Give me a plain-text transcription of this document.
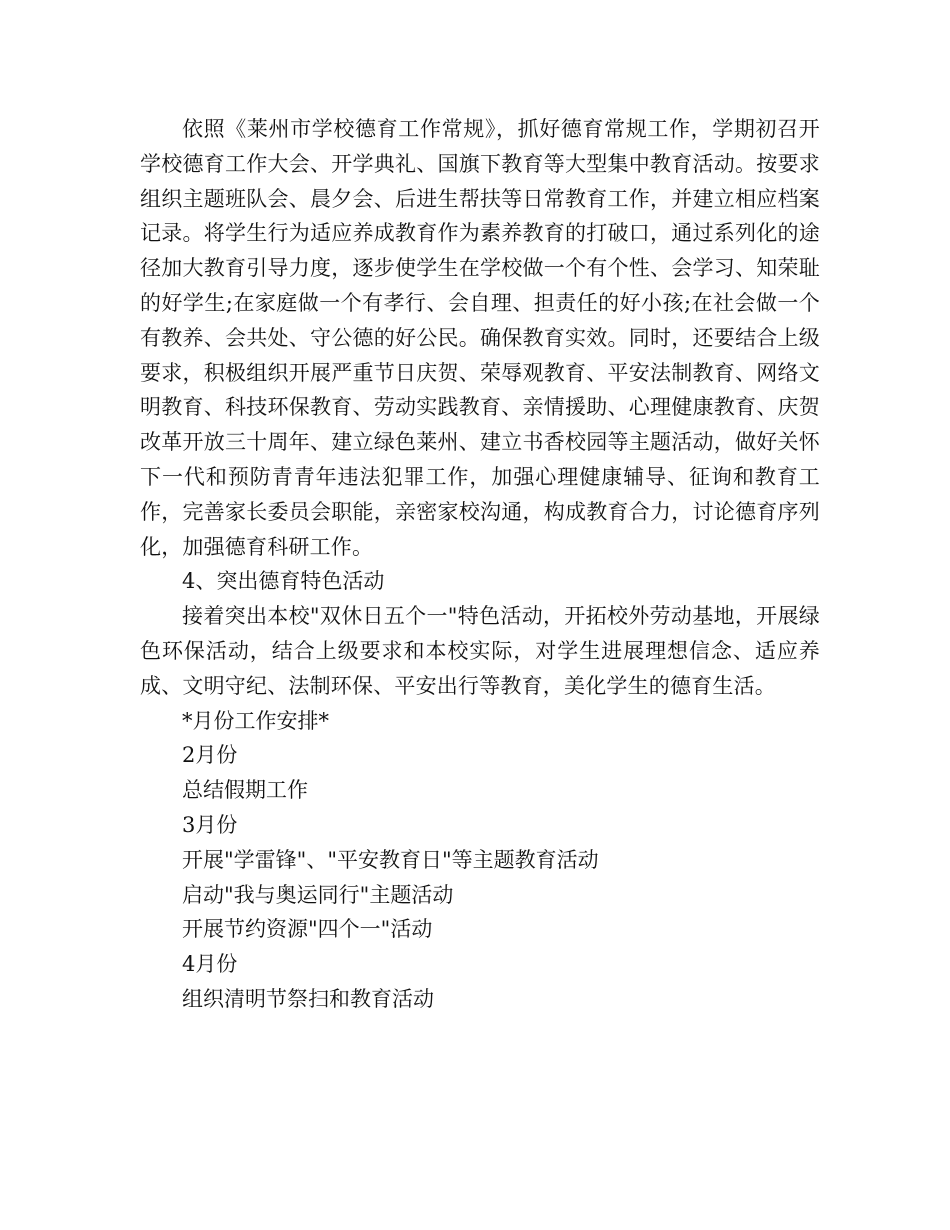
依照《莱州市学校德育工作常规》，抓好德育常规工作，学期初召开学校德育工作大会、开学典礼、国旗下教育等大型集中教育活动。按要求组织主题班队会、晨夕会、后进生帮扶等日常教育工作，并建立相应档案记录。将学生行为适应养成教育作为素养教育的打破口，通过系列化的途径加大教育引导力度，逐步使学生在学校做一个有个性、会学习、知荣耻的好学生;在家庭做一个有孝行、会自理、担责任的好小孩;在社会做一个有教养、会共处、守公德的好公民。确保教育实效。同时，还要结合上级要求，积极组织开展严重节日庆贺、荣辱观教育、平安法制教育、网络文明教育、科技环保教育、劳动实践教育、亲情援助、心理健康教育、庆贺改革开放三十周年、建立绿色莱州、建立书香校园等主题活动，做好关怀下一代和预防青青年违法犯罪工作，加强心理健康辅导、征询和教育工作，完善家长委员会职能，亲密家校沟通，构成教育合力，讨论德育序列化，加强德育科研工作。

4、突出德育特色活动

接着突出本校"双休日五个一"特色活动，开拓校外劳动基地，开展绿色环保活动，结合上级要求和本校实际，对学生进展理想信念、适应养成、文明守纪、法制环保、平安出行等教育，美化学生的德育生活。

*月份工作安排*

2月份

总结假期工作

3月份

开展"学雷锋"、"平安教育日"等主题教育活动

启动"我与奥运同行"主题活动

开展节约资源"四个一"活动

4月份

组织清明节祭扫和教育活动
